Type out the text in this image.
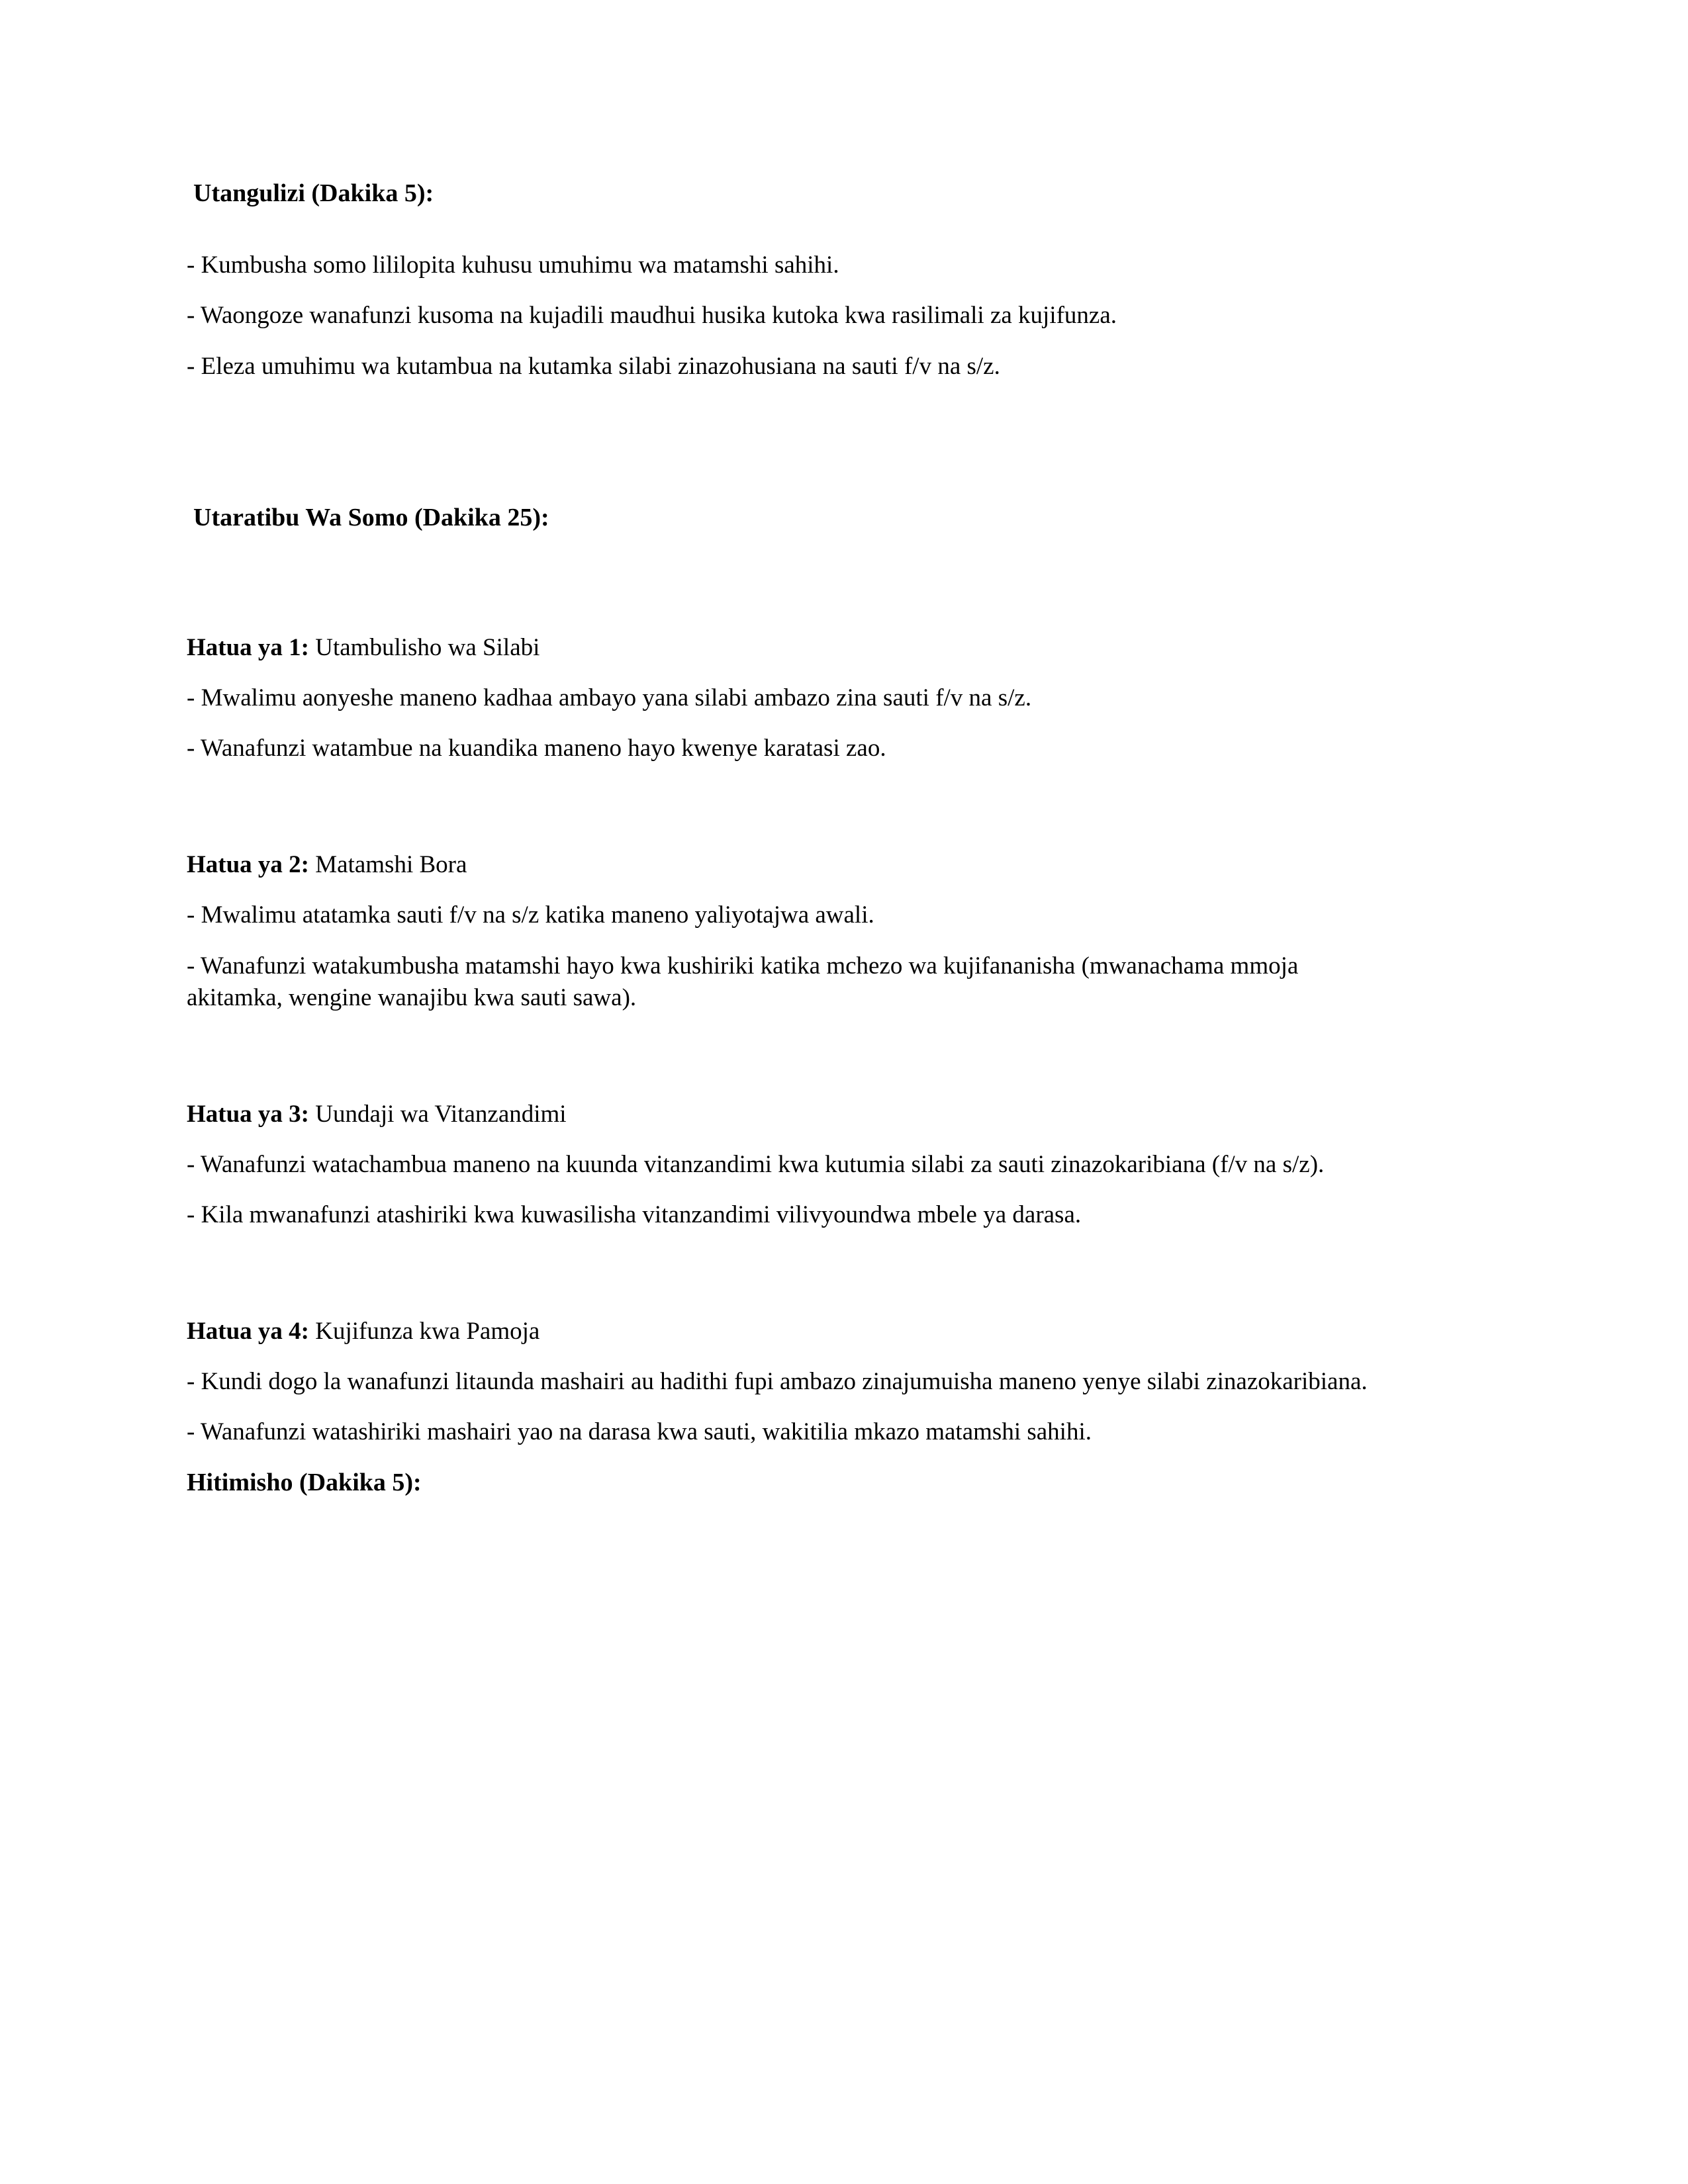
Utangulizi (Dakika 5):

- Kumbusha somo lililopita kuhusu umuhimu wa matamshi sahihi.

- Waongoze wanafunzi kusoma na kujadili maudhui husika kutoka kwa rasilimali za kujifunza.

- Eleza umuhimu wa kutambua na kutamka silabi zinazohusiana na sauti f/v na s/z.

Utaratibu Wa Somo (Dakika 25):

Hatua ya 1: Utambulisho wa Silabi

- Mwalimu aonyeshe maneno kadhaa ambayo yana silabi ambazo zina sauti f/v na s/z.

- Wanafunzi watambue na kuandika maneno hayo kwenye karatasi zao.

Hatua ya 2: Matamshi Bora

- Mwalimu atatamka sauti f/v na s/z katika maneno yaliyotajwa awali.

- Wanafunzi watakumbusha matamshi hayo kwa kushiriki katika mchezo wa kujifananisha (mwanachama mmoja akitamka, wengine wanajibu kwa sauti sawa).

Hatua ya 3: Uundaji wa Vitanzandimi

- Wanafunzi watachambua maneno na kuunda vitanzandimi kwa kutumia silabi za sauti zinazokaribiana (f/v na s/z).

- Kila mwanafunzi atashiriki kwa kuwasilisha vitanzandimi vilivyoundwa mbele ya darasa.

Hatua ya 4: Kujifunza kwa Pamoja

- Kundi dogo la wanafunzi litaunda mashairi au hadithi fupi ambazo zinajumuisha maneno yenye silabi zinazokaribiana.

- Wanafunzi watashiriki mashairi yao na darasa kwa sauti, wakitilia mkazo matamshi sahihi.

Hitimisho (Dakika 5):
